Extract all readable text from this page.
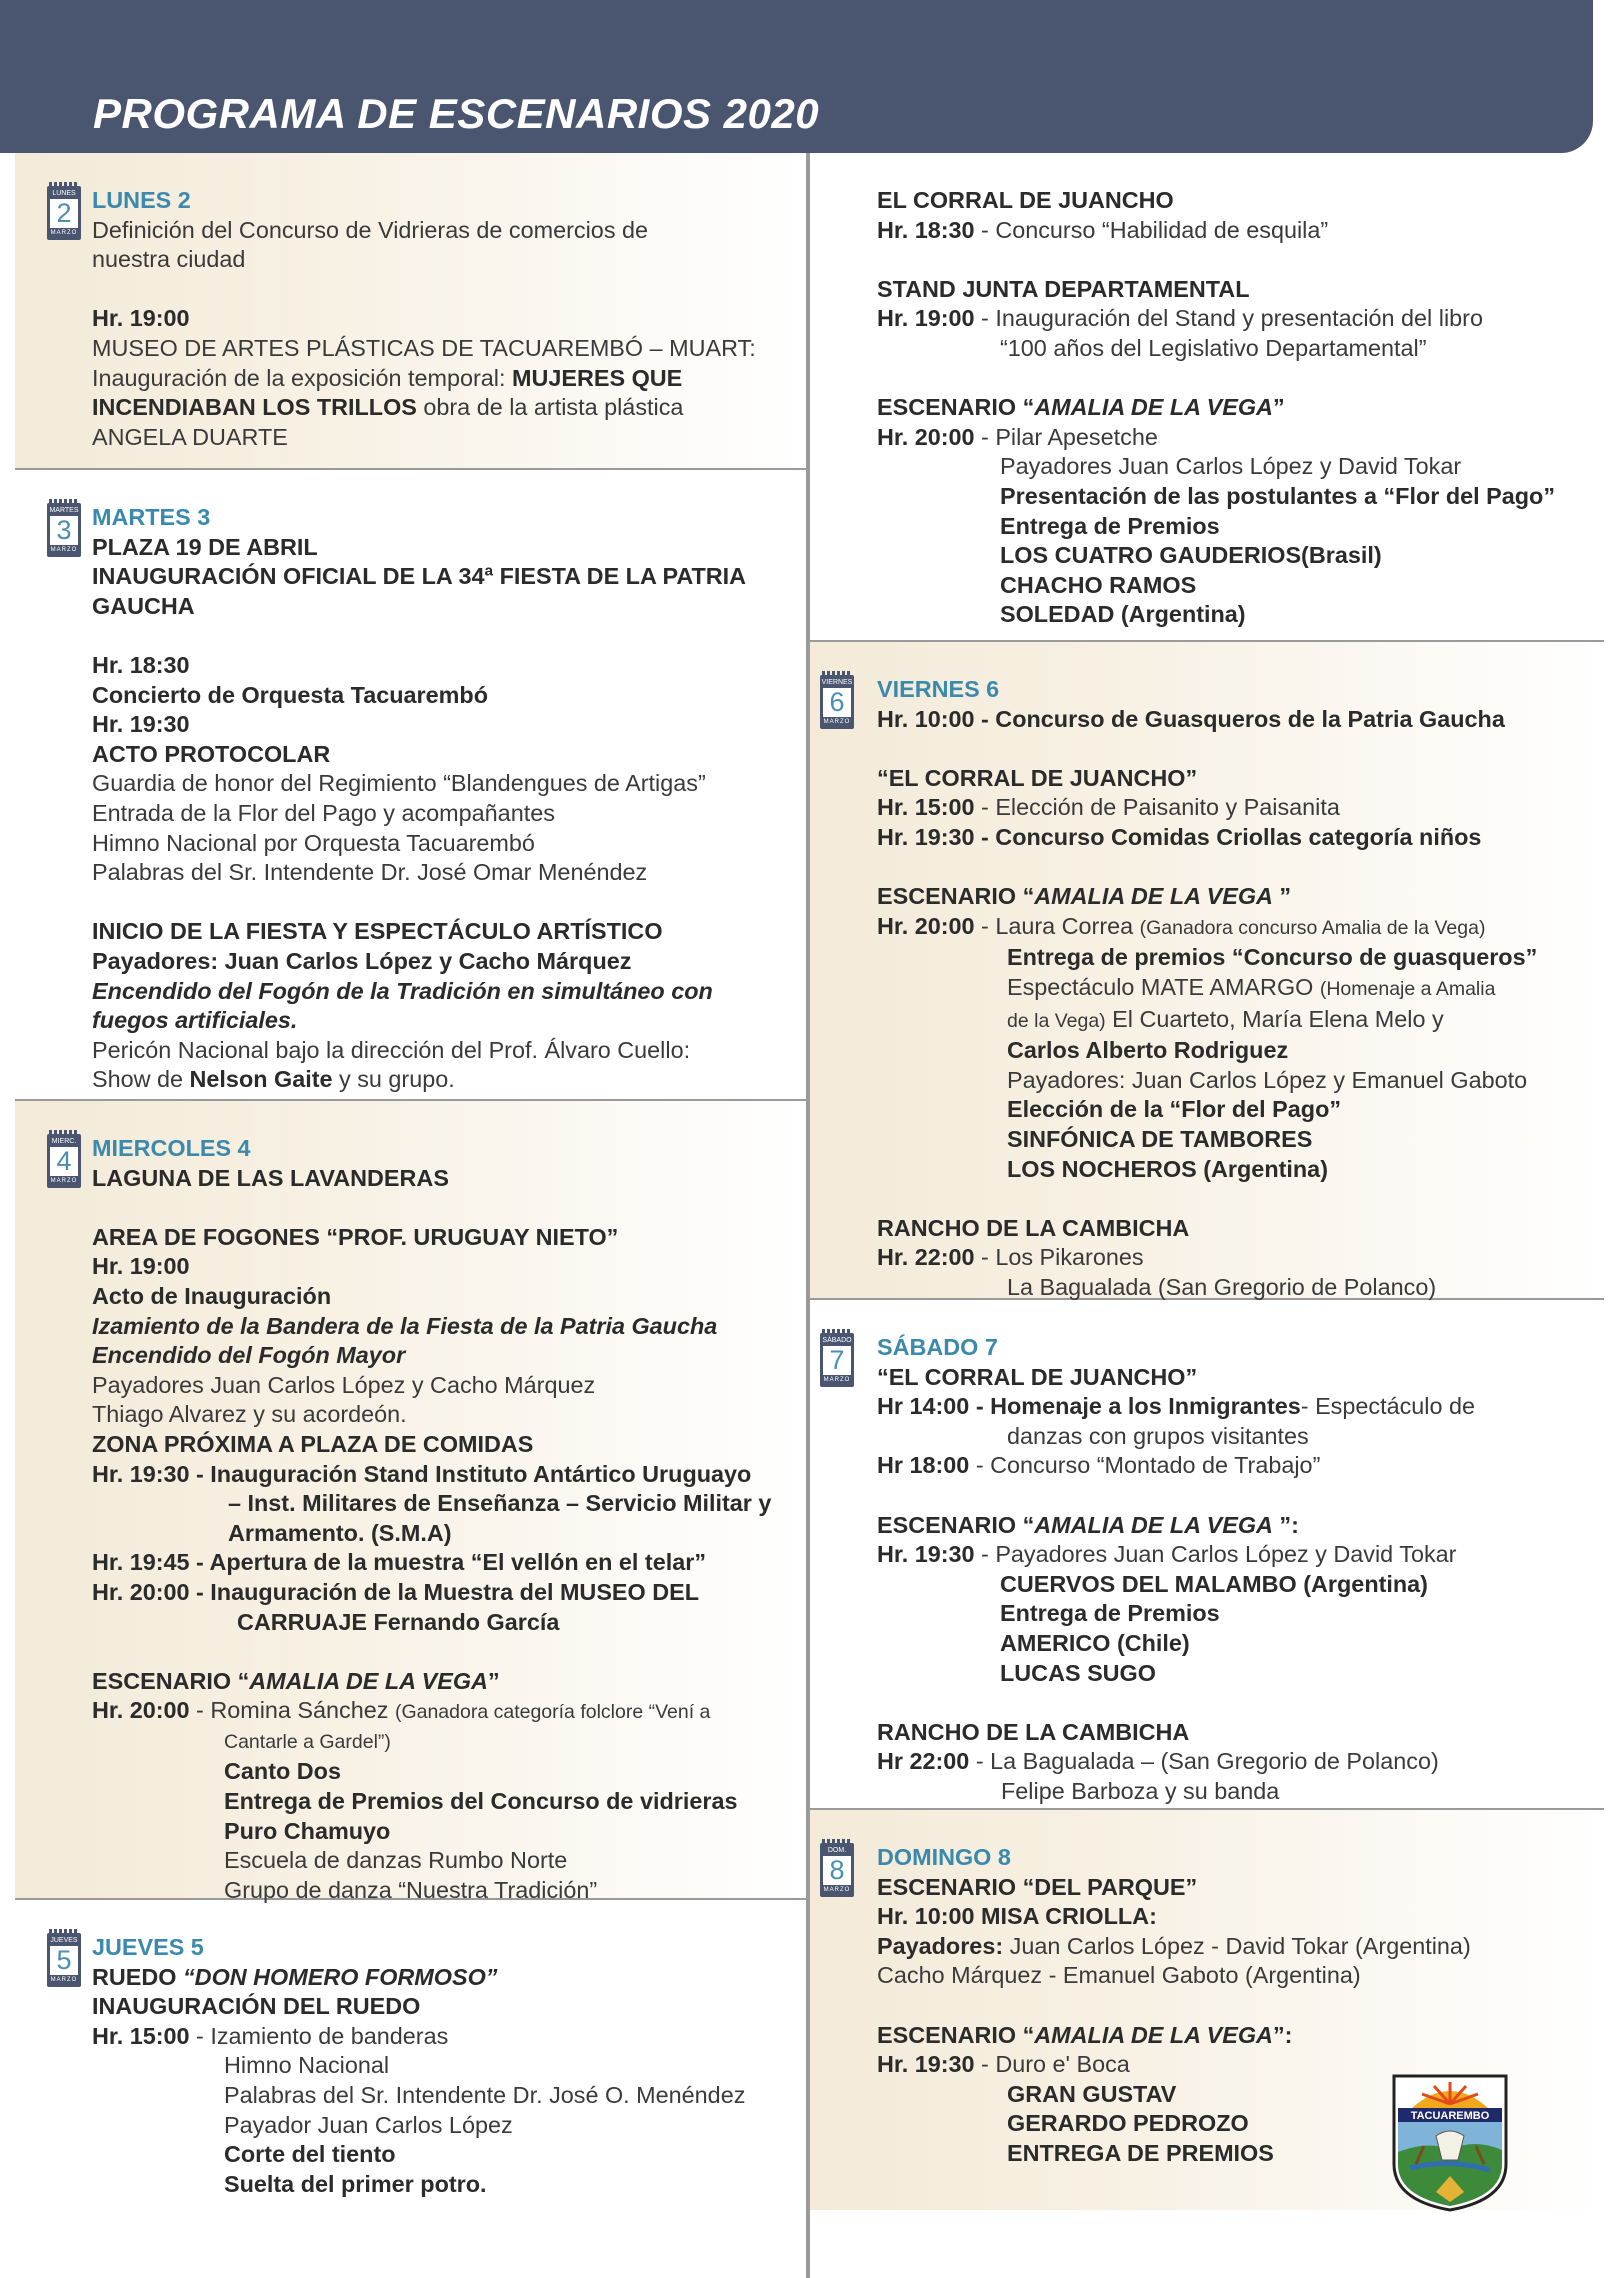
PROGRAMA DE ESCENARIOS 2020
LUNES
2
MARZO

LUNES 2

Definición del Concurso de Vidrieras de comercios de

nuestra ciudad

Hr. 19:00

MUSEO DE ARTES PLÁSTICAS DE TACUAREMBÓ – MUART:

Inauguración de la exposición temporal: MUJERES QUE

INCENDIABAN LOS TRILLOS obra de la artista plástica

ANGELA DUARTE

MARTES
3
MARZO

MARTES 3

PLAZA 19 DE ABRIL

INAUGURACIÓN OFICIAL DE LA 34ª FIESTA DE LA PATRIA

GAUCHA

Hr. 18:30

Concierto de Orquesta Tacuarembó

Hr. 19:30

ACTO PROTOCOLAR

Guardia de honor del Regimiento “Blandengues de Artigas”

Entrada de la Flor del Pago y acompañantes

Himno Nacional por Orquesta Tacuarembó

Palabras del Sr. Intendente Dr. José Omar Menéndez

INICIO DE LA FIESTA Y ESPECTÁCULO ARTÍSTICO

Payadores: Juan Carlos López y Cacho Márquez

Encendido del Fogón de la Tradición en simultáneo con

fuegos artificiales.

Pericón Nacional bajo la dirección del Prof. Álvaro Cuello:

Show de Nelson Gaite y su grupo.

MIERC.
4
MARZO

MIERCOLES 4

LAGUNA DE LAS LAVANDERAS

AREA DE FOGONES “PROF. URUGUAY NIETO”

Hr. 19:00

Acto de Inauguración

Izamiento de la Bandera de la Fiesta de la Patria Gaucha

Encendido del Fogón Mayor

Payadores Juan Carlos López y Cacho Márquez

Thiago Alvarez y su acordeón.

ZONA PRÓXIMA A PLAZA DE COMIDAS

Hr. 19:30 - Inauguración Stand Instituto Antártico Uruguayo

– Inst. Militares de Enseñanza – Servicio Militar y

Armamento. (S.M.A)

Hr. 19:45 - Apertura de la muestra “El vellón en el telar”

Hr. 20:00 - Inauguración de la Muestra del MUSEO DEL

CARRUAJE Fernando García

ESCENARIO “AMALIA DE LA VEGA”

Hr. 20:00 - Romina Sánchez (Ganadora categoría folclore “Vení a

Cantarle a Gardel”)

Canto Dos

Entrega de Premios del Concurso de vidrieras

Puro Chamuyo

Escuela de danzas Rumbo Norte

Grupo de danza “Nuestra Tradición”

JUEVES
5
MARZO

JUEVES 5

RUEDO “DON HOMERO FORMOSO”

INAUGURACIÓN DEL RUEDO

Hr. 15:00 - Izamiento de banderas

Himno Nacional

Palabras del Sr. Intendente Dr. José O. Menéndez

Payador Juan Carlos López

Corte del tiento

Suelta del primer potro.

EL CORRAL DE JUANCHO

Hr. 18:30 - Concurso “Habilidad de esquila”

STAND JUNTA DEPARTAMENTAL

Hr. 19:00 - Inauguración del Stand y presentación del libro

“100 años del Legislativo Departamental”

ESCENARIO “AMALIA DE LA VEGA”

Hr. 20:00 - Pilar Apesetche

Payadores Juan Carlos López y David Tokar

Presentación de las postulantes a “Flor del Pago”

Entrega de Premios

LOS CUATRO GAUDERIOS(Brasil)

CHACHO RAMOS

SOLEDAD (Argentina)

VIERNES
6
MARZO

VIERNES 6

Hr. 10:00 - Concurso de Guasqueros de la Patria Gaucha

“EL CORRAL DE JUANCHO”

Hr. 15:00 - Elección de Paisanito y Paisanita

Hr. 19:30 - Concurso Comidas Criollas categoría niños

ESCENARIO “AMALIA DE LA VEGA ”

Hr. 20:00 - Laura Correa (Ganadora concurso Amalia de la Vega)

Entrega de premios “Concurso de guasqueros”

Espectáculo MATE AMARGO (Homenaje a Amalia

de la Vega) El Cuarteto, María Elena Melo y

Carlos Alberto Rodriguez

Payadores: Juan Carlos López y Emanuel Gaboto

Elección de la “Flor del Pago”

SINFÓNICA DE TAMBORES

LOS NOCHEROS (Argentina)

RANCHO DE LA CAMBICHA

Hr. 22:00 - Los Pikarones

La Bagualada (San Gregorio de Polanco)

SÁBADO
7
MARZO

SÁBADO 7

“EL CORRAL DE JUANCHO”

Hr 14:00 - Homenaje a los Inmigrantes- Espectáculo de

danzas con grupos visitantes

Hr 18:00 - Concurso “Montado de Trabajo”

ESCENARIO “AMALIA DE LA VEGA ”:

Hr. 19:30 - Payadores Juan Carlos López y David Tokar

CUERVOS DEL MALAMBO (Argentina)

Entrega de Premios

AMERICO (Chile)

LUCAS SUGO

RANCHO DE LA CAMBICHA

Hr 22:00 - La Bagualada – (San Gregorio de Polanco)

Felipe Barboza y su banda

DOM.
8
MARZO

DOMINGO 8

ESCENARIO “DEL PARQUE”

Hr. 10:00 MISA CRIOLLA:

Payadores: Juan Carlos López - David Tokar (Argentina)

Cacho Márquez - Emanuel Gaboto (Argentina)

ESCENARIO “AMALIA DE LA VEGA”:

Hr. 19:30 - Duro e' Boca

GRAN GUSTAV

GERARDO PEDROZO

ENTREGA DE PREMIOS

TACUAREMBO
